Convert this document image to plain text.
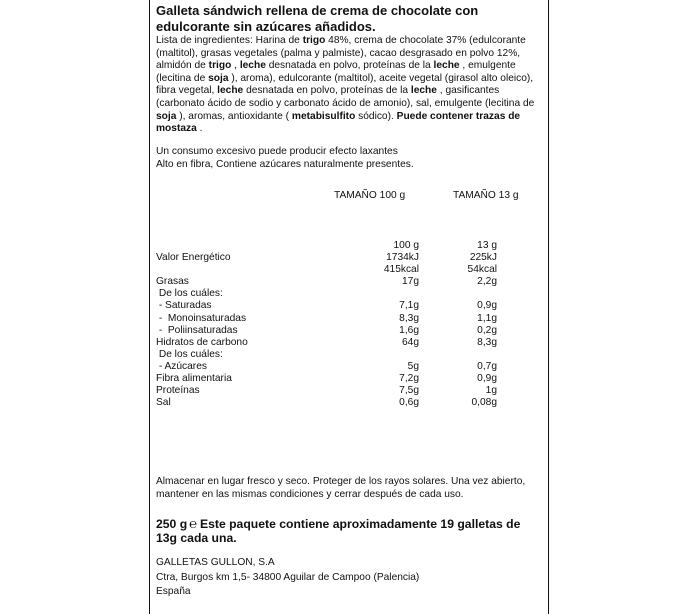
Galleta sándwich rellena de crema de chocolate con edulcorante sin azúcares añadidos.
Lista de ingredientes: Harina de trigo 48%, crema de chocolate 37% (edulcorante (maltitol), grasas vegetales (palma y palmiste), cacao desgrasado en polvo 12%, almidón de trigo , leche desnatada en polvo, proteínas de la leche , emulgente (lecitina de soja ), aroma), edulcorante (maltitol), aceite vegetal (girasol alto oleico), fibra vegetal, leche desnatada en polvo, proteínas de la leche , gasificantes (carbonato ácido de sodio y carbonato ácido de amonio), sal, emulgente (lecitina de soja ), aromas, antioxidante ( metabisulfito sódico). Puede contener trazas de mostaza .
Un consumo excesivo puede producir efecto laxantes
Alto en fibra, Contiene azúcares naturalmente presentes.
TAMAÑO 100 g	TAMAÑO 13 g
100 g	13 g
Valor Energético	1734kJ	225kJ
415kcal	54kcal
Grasas	17g	2,2g
De los cuáles:
- Saturadas	7,1g	0,9g
-  Monoinsaturadas	8,3g	1,1g
-  Poliinsaturadas	1,6g	0,2g
Hidratos de carbono	64g	8,3g
De los cuáles:
- Azúcares	5g	0,7g
Fibra alimentaria	7,2g	0,9g
Proteínas	7,5g	1g
Sal	0,6g	0,08g
Almacenar en lugar fresco y seco. Proteger de los rayos solares. Una vez abierto,
mantener en las mismas condiciones y cerrar después de cada uso.
250 g ℮ Este paquete contiene aproximadamente 19 galletas de
13g cada una.
GALLETAS GULLON, S.A
Ctra, Burgos km 1,5- 34800 Aguilar de Campoo (Palencia)
España
